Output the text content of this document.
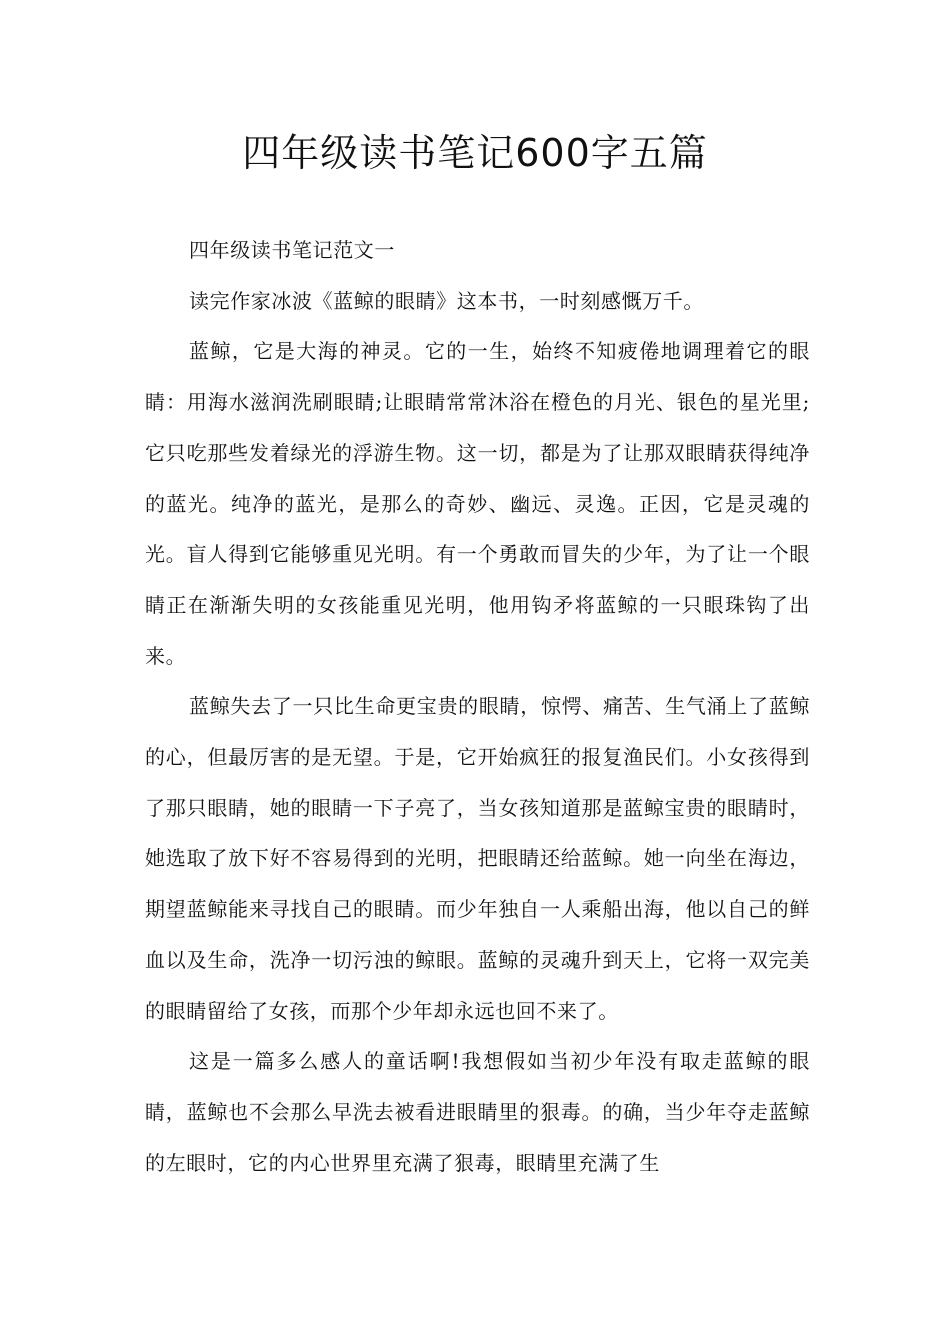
四年级读书笔记600字五篇

四年级读书笔记范文一

读完作家冰波《蓝鲸的眼睛》这本书，一时刻感慨万千。

蓝鲸，它是大海的神灵。它的一生，始终不知疲倦地调理着它的眼睛：用海水滋润洗刷眼睛;让眼睛常常沐浴在橙色的月光、银色的星光里;它只吃那些发着绿光的浮游生物。这一切，都是为了让那双眼睛获得纯净的蓝光。纯净的蓝光，是那么的奇妙、幽远、灵逸。正因，它是灵魂的光。盲人得到它能够重见光明。有一个勇敢而冒失的少年，为了让一个眼睛正在渐渐失明的女孩能重见光明，他用钩矛将蓝鲸的一只眼珠钩了出来。

蓝鲸失去了一只比生命更宝贵的眼睛，惊愕、痛苦、生气涌上了蓝鲸的心，但最厉害的是无望。于是，它开始疯狂的报复渔民们。小女孩得到了那只眼睛，她的眼睛一下子亮了，当女孩知道那是蓝鲸宝贵的眼睛时，她选取了放下好不容易得到的光明，把眼睛还给蓝鲸。她一向坐在海边，期望蓝鲸能来寻找自己的眼睛。而少年独自一人乘船出海，他以自己的鲜血以及生命，洗净一切污浊的鲸眼。蓝鲸的灵魂升到天上，它将一双完美的眼睛留给了女孩，而那个少年却永远也回不来了。

这是一篇多么感人的童话啊!我想假如当初少年没有取走蓝鲸的眼睛，蓝鲸也不会那么早洗去被看进眼睛里的狠毒。的确，当少年夺走蓝鲸的左眼时，它的内心世界里充满了狠毒，眼睛里充满了生
